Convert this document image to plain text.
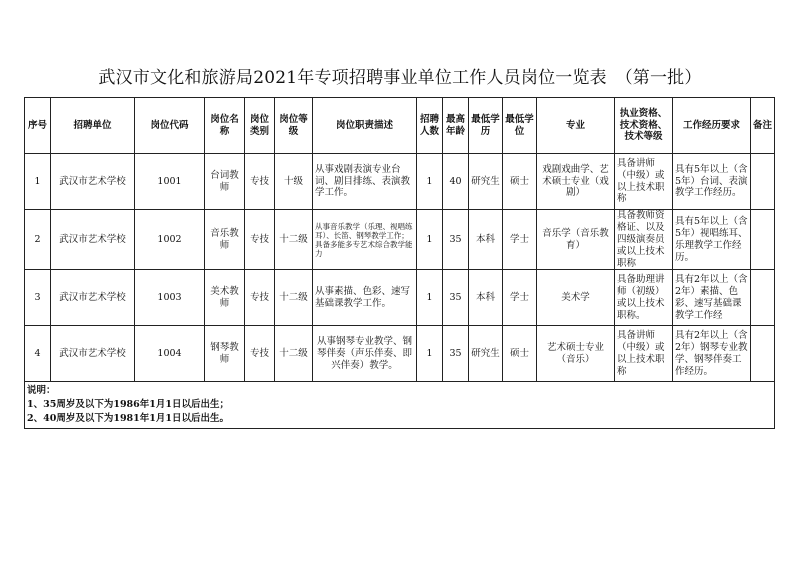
武汉市文化和旅游局2021年专项招聘事业单位工作人员岗位一览表　（第一批）
序号	招聘单位	岗位代码	岗位名称	岗位类别	岗位等级	岗位职责描述	招聘人数	最高年龄	最低学历	最低学位	专业	执业资格、技术资格、技术等级	工作经历要求	备注
1	武汉市艺术学校	1001	台词教师	专技	十级	从事戏剧表演专业台词、剧目排练、表演教学工作。	1	40	研究生	硕士	戏剧戏曲学、艺术硕士专业（戏剧）	具备讲师（中级）或以上技术职称	具有5年以上（含5年）台词、表演教学工作经历。	
2	武汉市艺术学校	1002	音乐教师	专技	十二级	从事音乐教学（乐理、视唱练耳）、长笛、钢琴教学工作；具备多能多专艺术综合教学能力	1	35	本科	学士	音乐学（音乐教育）	具备教师资格证、以及四级演奏员或以上技术职称	具有5年以上（含5年）视唱练耳、乐理教学工作经历。	
3	武汉市艺术学校	1003	美术教师	专技	十二级	从事素描、色彩、速写基础课教学工作。	1	35	本科	学士	美术学	具备助理讲师（初级）或以上技术职称。	具有2年以上（含2年）素描、色彩、速写基础课教学工作经	
4	武汉市艺术学校	1004	钢琴教师	专技	十二级	从事钢琴专业教学、钢琴伴奏（声乐伴奏、即兴伴奏）教学。	1	35	研究生	硕士	艺术硕士专业（音乐）	具备讲师（中级）或以上技术职称	具有2年以上（含2年）钢琴专业教学、钢琴伴奏工作经历。	

说明：
1、35周岁及以下为1986年1月1日以后出生；
2、40周岁及以下为1981年1月1日以后出生。														
